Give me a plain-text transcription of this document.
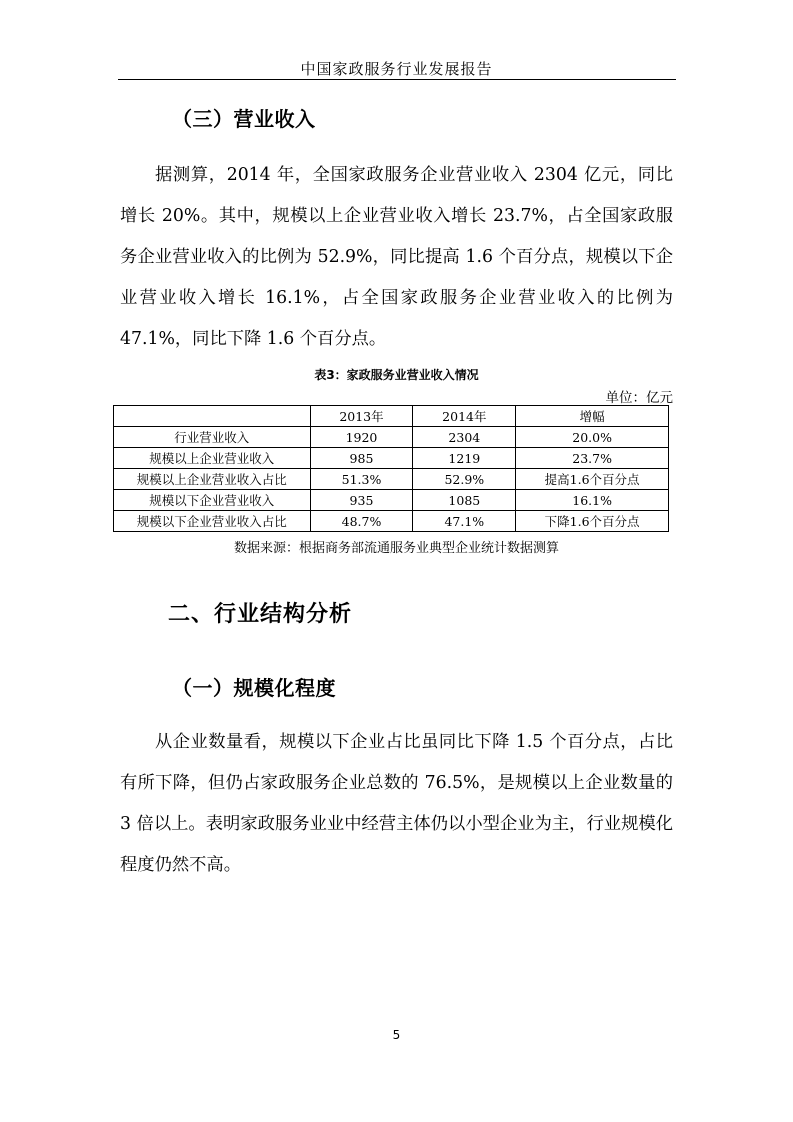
中国家政服务行业发展报告
（三）营业收入

据测算，2014 年，全国家政服务企业营业收入 2304 亿元，同比增长 20%。其中，规模以上企业营业收入增长 23.7%，占全国家政服务企业营业收入的比例为 52.9%，同比提高 1.6 个百分点，规模以下企业营业收入增长 16.1%，占全国家政服务企业营业收入的比例为 47.1%，同比下降 1.6 个百分点。

表3：家政服务业营业收入情况
单位：亿元
	2013年	2014年	增幅
行业营业收入	1920	2304	20.0%
规模以上企业营业收入	985	1219	23.7%
规模以上企业营业收入占比	51.3%	52.9%	提高1.6个百分点
规模以下企业营业收入	935	1085	16.1%
规模以下企业营业收入占比	48.7%	47.1%	下降1.6个百分点
数据来源：根据商务部流通服务业典型企业统计数据测算
二、行业结构分析
（一）规模化程度

从企业数量看，规模以下企业占比虽同比下降 1.5 个百分点，占比有所下降，但仍占家政服务企业总数的 76.5%，是规模以上企业数量的 3 倍以上。表明家政服务业业中经营主体仍以小型企业为主，行业规模化程度仍然不高。

5
